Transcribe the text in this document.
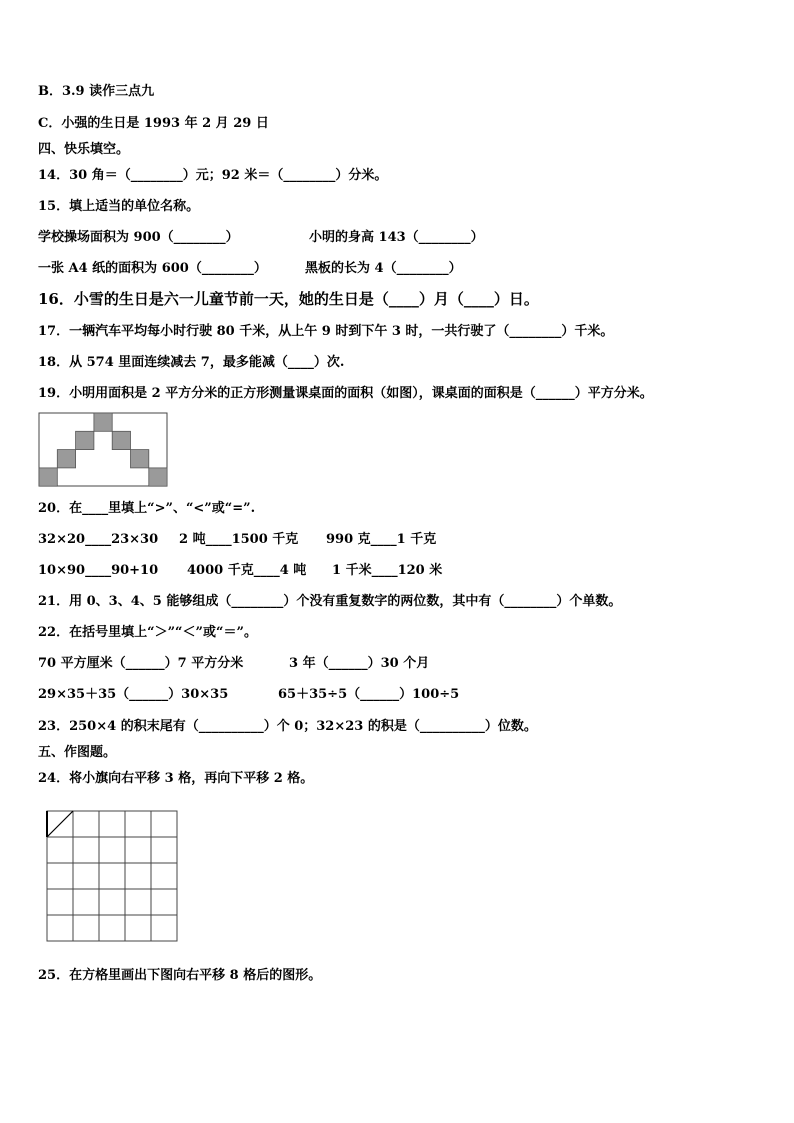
B．3.9 读作三点九
C．小强的生日是 1993 年 2 月 29 日
四、快乐填空。
14．30 角＝（________）元；92 米＝（________）分米。
15．填上适当的单位名称。
学校操场面积为 900（________）	小明的身高 143（________）
一张 A4 纸的面积为 600（________）	黑板的长为 4（________）
16．小雪的生日是六一儿童节前一天，她的生日是（____）月（____）日。
17．一辆汽车平均每小时行驶 80 千米，从上午 9 时到下午 3 时，一共行驶了（________）千米。
18．从 574 里面连续减去 7，最多能减（____）次.
19．小明用面积是 2 平方分米的正方形测量课桌面的面积（如图），课桌面的面积是（______）平方分米。
20．在____里填上“>”、“<”或“=”.
32×20____23×30 2 吨____1500 千克 990 克____1 千克
10×90____90+10 4000 千克____4 吨 1 千米____120 米
21．用 0、3、4、5 能够组成（________）个没有重复数字的两位数，其中有（________）个单数。
22．在括号里填上“＞”“＜”或“＝”。
70 平方厘米（______）7 平方分米	3 年（______）30 个月
29×35＋35（______）30×35	65＋35÷5（______）100÷5
23．250×4 的积末尾有（__________）个 0；32×23 的积是（__________）位数。
五、作图题。
24．将小旗向右平移 3 格，再向下平移 2 格。
25．在方格里画出下图向右平移 8 格后的图形。
